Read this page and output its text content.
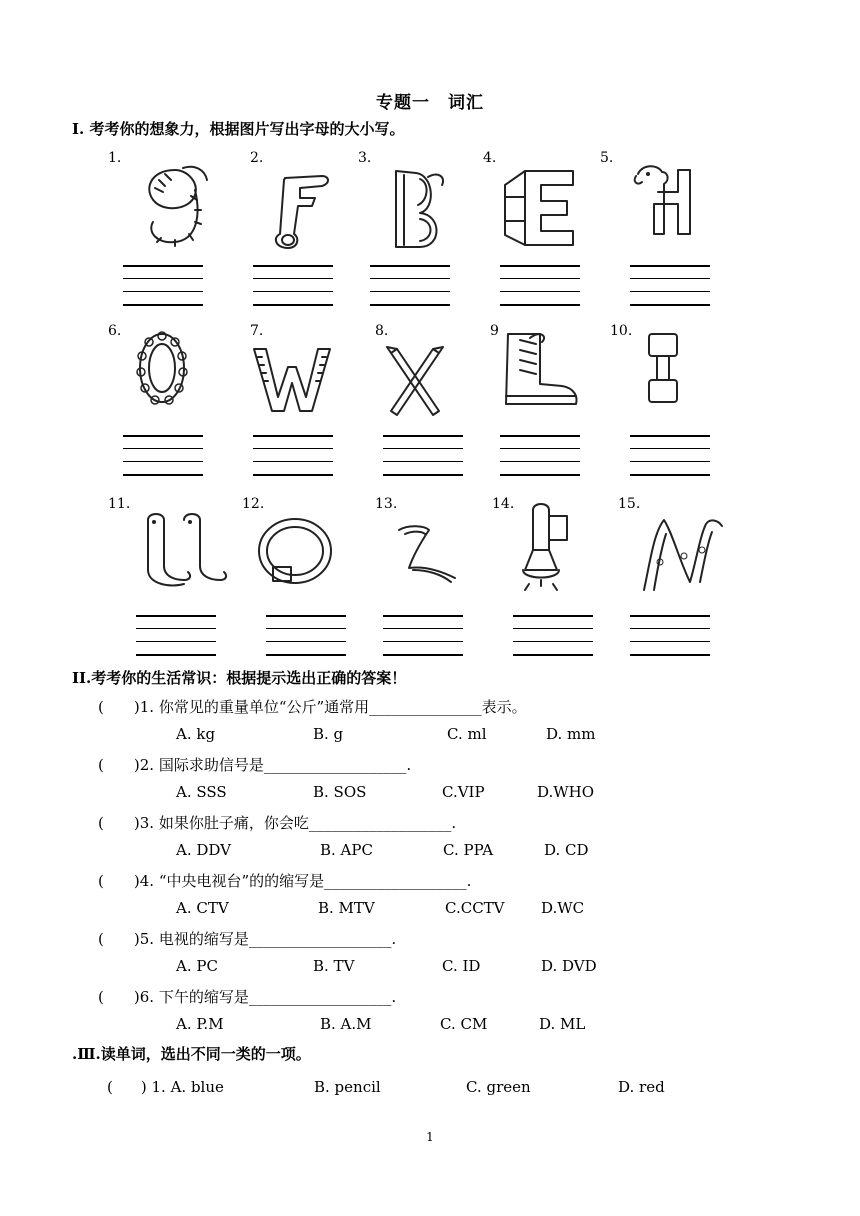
专题一 词汇
Ⅰ. 考考你的想象力，根据图片写出字母的大小写。
1.	2.	3.	4.	5.
6.	7.	8.	9	10.
11.	12.	13.	14.	15.
II.考考你的生活常识：根据提示选出正确的答案！
( )1. 你常见的重量单位“公斤”通常用_______________表示。
A. kg	B. g	C. ml	D. mm
( )2. 国际求助信号是___________________.
A. SSS	B. SOS	C.VIP	D.WHO
( )3. 如果你肚子痛，你会吃___________________.
A. DDV	B. APC	C. PPA	D. CD
( )4. “中央电视台”的的缩写是___________________.
A. CTV	B. MTV	C.CCTV D.WC
( )5. 电视的缩写是___________________.
A. PC	B. TV	C. ID	D. DVD
( )6. 下午的缩写是___________________.
A. P.M	B. A.M	C. CM	D. ML
.Ⅲ.读单词，选出不同一类的一项。
( ) 1. A. blue	B. pencil	C. green	D. red
1
